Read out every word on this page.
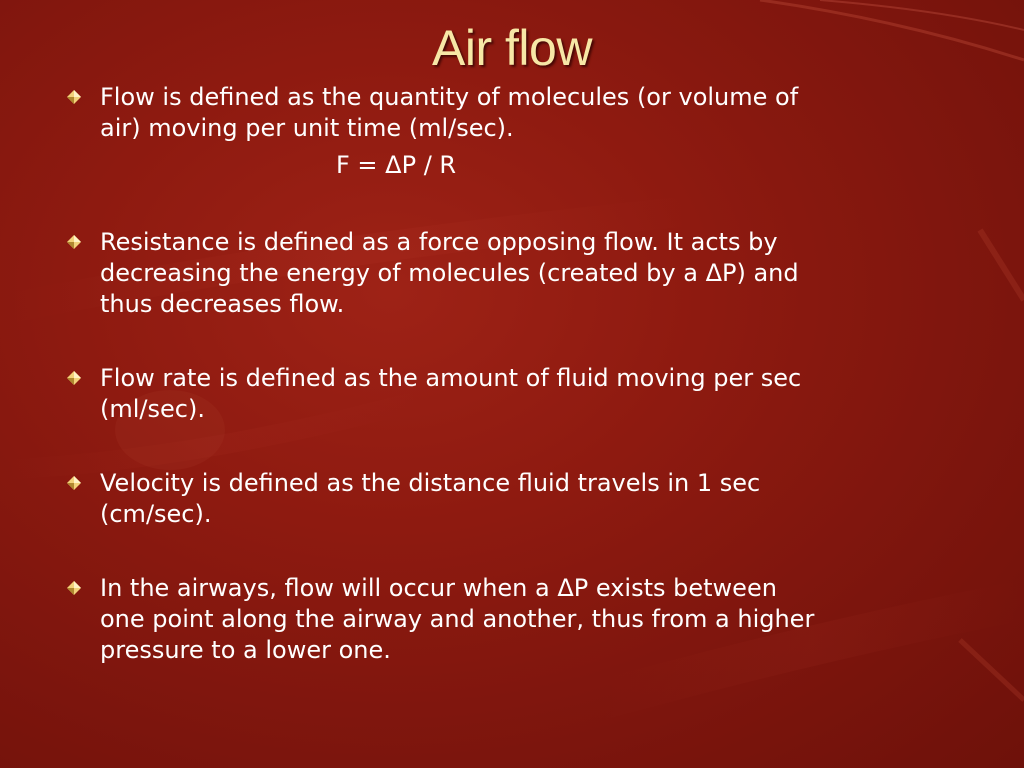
Air flow
Flow is defined as the quantity of molecules (or volume of
air) moving per unit time (ml/sec).
Resistance is defined as a force opposing flow. It acts by
decreasing the energy of molecules (created by a ΔP) and
thus decreases flow.
Flow rate is defined as the amount of fluid moving per sec
(ml/sec).
Velocity is defined as the distance fluid travels in 1 sec
(cm/sec).
In the airways, flow will occur when a ΔP exists between
one point along the airway and another, thus from a higher
pressure to a lower one.
F = ΔP / R
